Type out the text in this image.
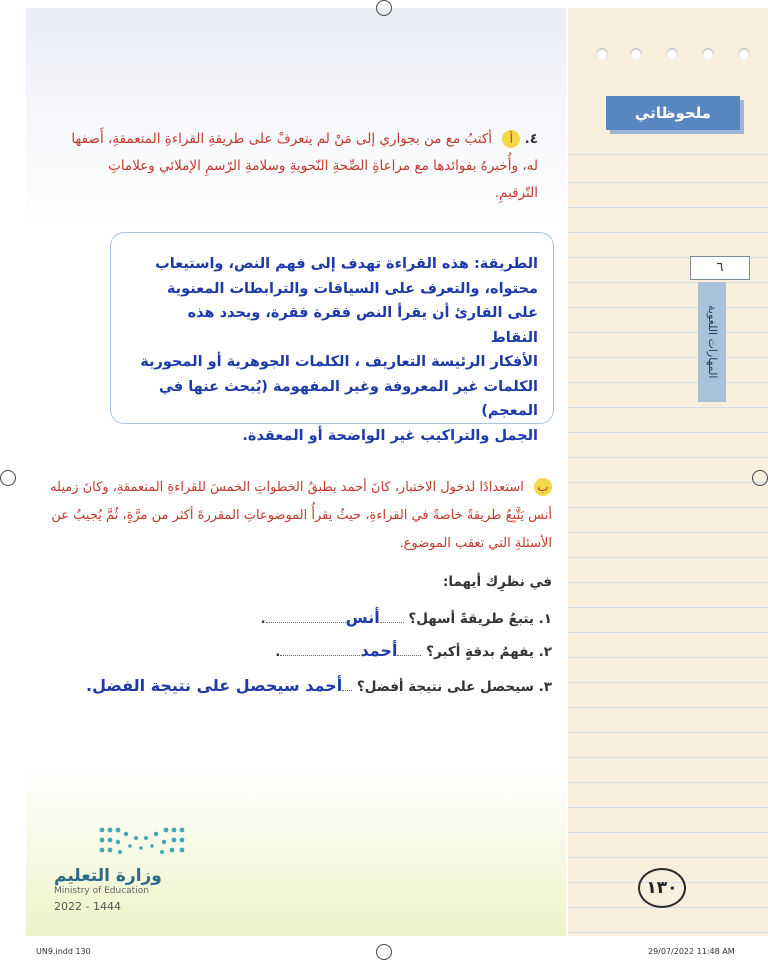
ملحوظاتي
٦
المهارات اللغوية
٤. أ أكتبُ مع من بجواري إلى مَنْ لم يتعرفْ على طريقةِ القراءةِ المتعمقةِ، أَصفها له، وأُخبرهُ بفوائدها مع مراعاةِ الصِّحةِ النّحويةِ وسلامةِ الرّسمِ الإملائي وعلاماتِ التّرقيمِ.
الطريقة: هذه القراءة تهدف إلى فهم النص، واستيعاب
محتواه، والتعرف على السياقات والترابطات المعنوية
على القارئ أن يقرأ النص فقرة فقرة، ويحدد هذه النقاط
الأفكار الرئيسة التعاريف ، الكلمات الجوهرية أو المحورية
الكلمات غير المعروفة وغير المفهومة (يُبحث عنها في المعجم)
الجمل والتراكيب غير الواضحة أو المعقدة.
ب استعدادًا لدخول الاختبار، كانَ أحمد يطبقُ الخطواتِ الخمسَ للقراءةِ المتعمقةِ، وكانَ زميله أنس يَتَّبِعُ طريقةً خاصةً في القراءةِ، حيثُ يقرأُ الموضوعاتِ المقررةَ أكثر من مرَّةٍ، ثُمَّ يُجيبُ عن الأسئلةِ التي تعقب الموضوع.
في نظرِك أيهما:
١. يتبعُ طريقةً أسهل؟ أنس.
٢. يفهمُ بدقةٍ أكبر؟ أحمد.
٣. سيحصل على نتيجة أفضل؟ أحمد سيحصل على نتيجة الفضل.
وزارة التعليم
Ministry of Education
2022 - 1444
١٣٠
UN9.indd 130	29/07/2022 11:48 AM
